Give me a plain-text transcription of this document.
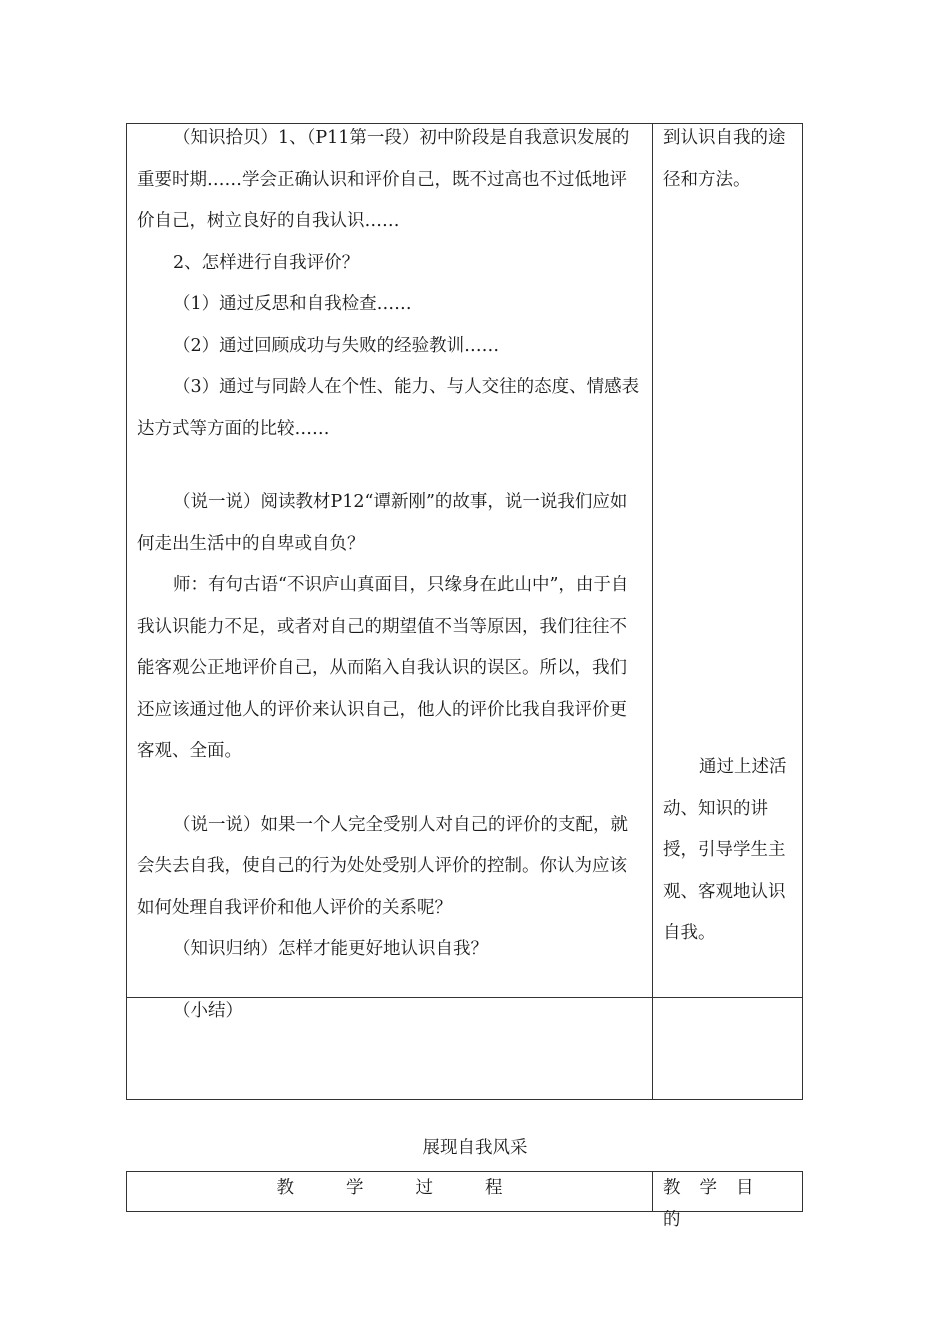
（知识拾贝）1、（P11第一段）初中阶段是自我意识发展的重要时期……学会正确认识和评价自己，既不过高也不过低地评价自己，树立良好的自我认识……

2、怎样进行自我评价？

（1）通过反思和自我检查……

（2）通过回顾成功与失败的经验教训……

（3）通过与同龄人在个性、能力、与人交往的态度、情感表达方式等方面的比较……

（说一说）阅读教材P12“谭新刚”的故事，说一说我们应如何走出生活中的自卑或自负？

师：有句古语“不识庐山真面目，只缘身在此山中”，由于自我认识能力不足，或者对自己的期望值不当等原因，我们往往不能客观公正地评价自己，从而陷入自我认识的误区。所以，我们还应该通过他人的评价来认识自己，他人的评价比我自我评价更客观、全面。

（说一说）如果一个人完全受别人对自己的评价的支配，就会失去自我，使自己的行为处处受别人评价的控制。你认为应该如何处理自我评价和他人评价的关系呢？

（知识归纳）怎样才能更好地认识自我？

到认识自我的途径和方法。

通过上述活动、知识的讲授，引导学生主观、客观地认识自我。

（小结）

展现自我风采
教学过程	教学目的
